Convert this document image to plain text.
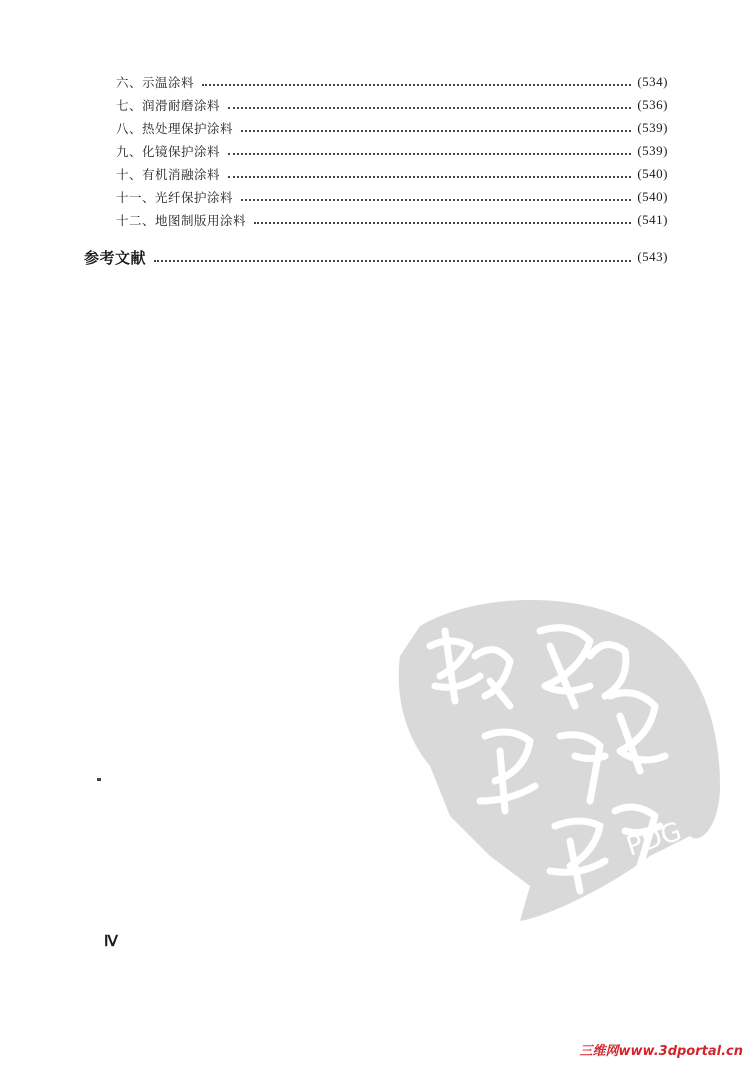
六、示温涂料	(534)
七、润滑耐磨涂料	(536)
八、热处理保护涂料	(539)
九、化镜保护涂料	(539)
十、有机消融涂料	(540)
十一、光纤保护涂料	(540)
十二、地图制版用涂料	(541)
参考文献	(543)
Ⅳ
PDG
三维网www.3dportal.cn
